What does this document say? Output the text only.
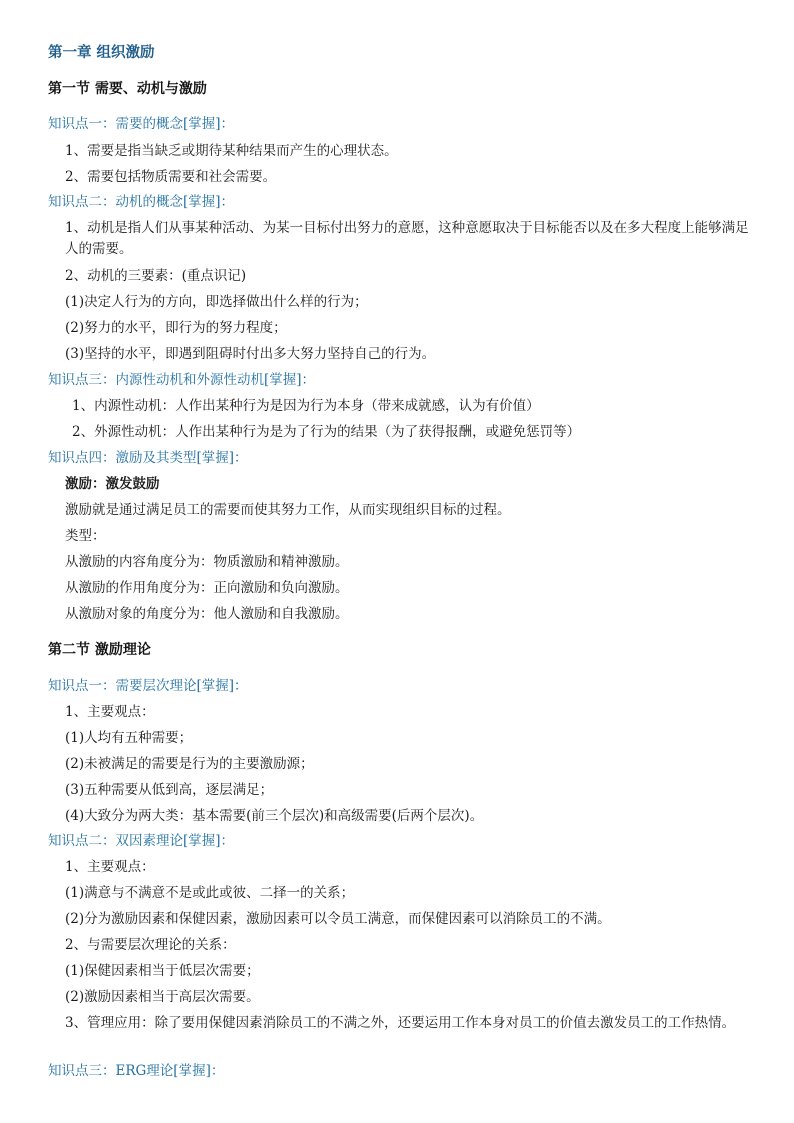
第一章 组织激励
第一节 需要、动机与激励
知识点一：需要的概念[掌握]：
1、需要是指当缺乏或期待某种结果而产生的心理状态。
2、需要包括物质需要和社会需要。
知识点二：动机的概念[掌握]：
1、动机是指人们从事某种活动、为某一目标付出努力的意愿，这种意愿取决于目标能否以及在多大程度上能够满足人的需要。
2、动机的三要素：(重点识记)
(1)决定人行为的方向，即选择做出什么样的行为；
(2)努力的水平，即行为的努力程度；
(3)坚持的水平，即遇到阻碍时付出多大努力坚持自己的行为。
知识点三：内源性动机和外源性动机[掌握]：
1、内源性动机：人作出某种行为是因为行为本身（带来成就感，认为有价值）
2、外源性动机：人作出某种行为是为了行为的结果（为了获得报酬，或避免惩罚等）
知识点四：激励及其类型[掌握]：
激励：激发鼓励
激励就是通过满足员工的需要而使其努力工作，从而实现组织目标的过程。
类型：
从激励的内容角度分为：物质激励和精神激励。
从激励的作用角度分为：正向激励和负向激励。
从激励对象的角度分为：他人激励和自我激励。
第二节 激励理论
知识点一：需要层次理论[掌握]：
1、主要观点：
(1)人均有五种需要；
(2)未被满足的需要是行为的主要激励源；
(3)五种需要从低到高，逐层满足；
(4)大致分为两大类：基本需要(前三个层次)和高级需要(后两个层次)。
知识点二：双因素理论[掌握]：
1、主要观点：
(1)满意与不满意不是或此或彼、二择一的关系；
(2)分为激励因素和保健因素，激励因素可以令员工满意，而保健因素可以消除员工的不满。
2、与需要层次理论的关系：
(1)保健因素相当于低层次需要；
(2)激励因素相当于高层次需要。
3、管理应用：除了要用保健因素消除员工的不满之外，还要运用工作本身对员工的价值去激发员工的工作热情。
知识点三：ERG理论[掌握]：
